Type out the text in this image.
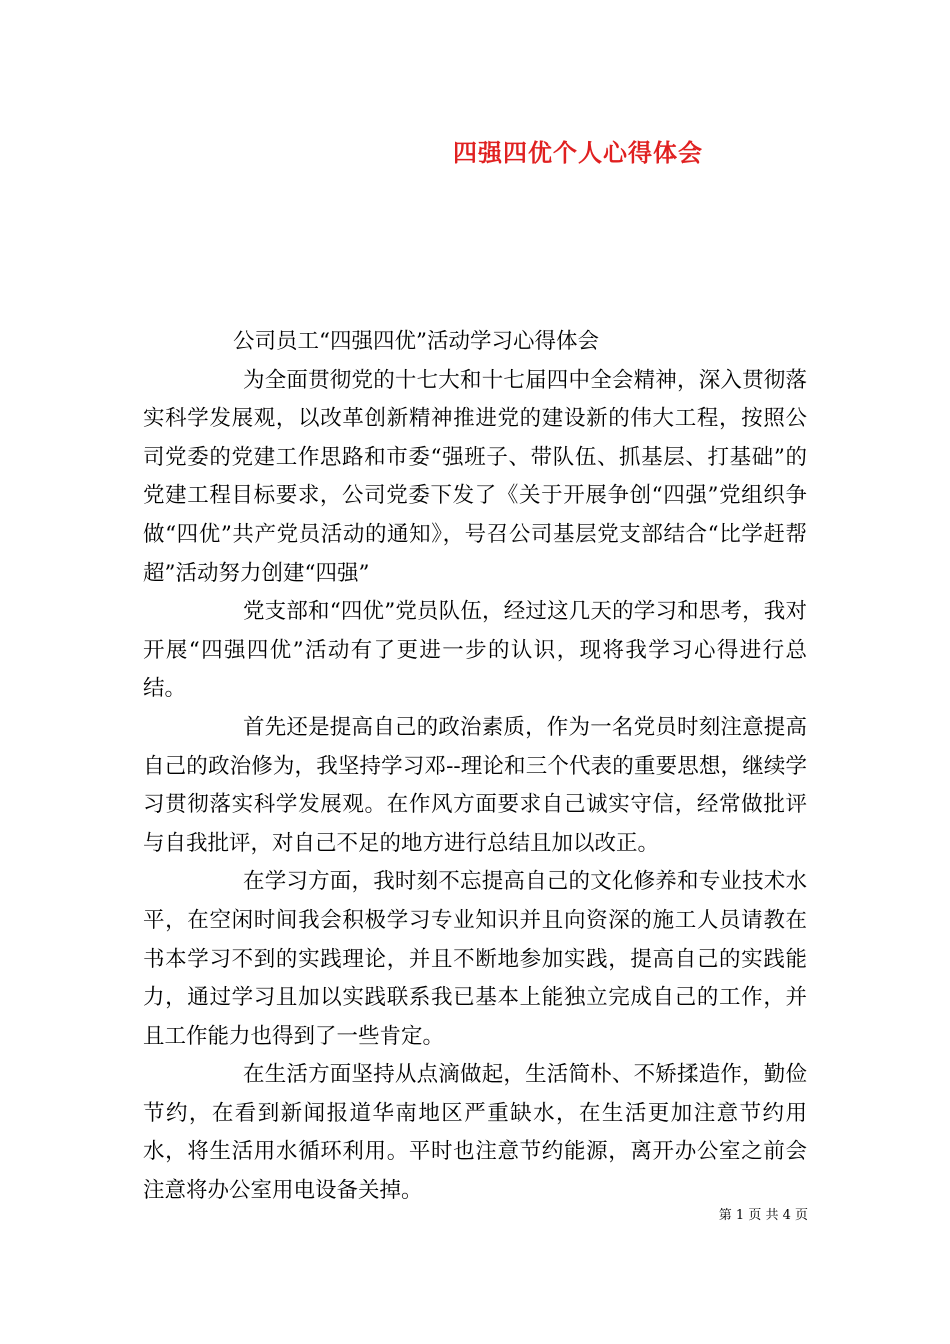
四强四优个人心得体会

公司员工“四强四优”活动学习心得体会

为全面贯彻党的十七大和十七届四中全会精神，深入贯彻落实科学发展观，以改革创新精神推进党的建设新的伟大工程，按照公司党委的党建工作思路和市委“强班子、带队伍、抓基层、打基础”的党建工程目标要求，公司党委下发了《关于开展争创“四强”党组织争做“四优”共产党员活动的通知》，号召公司基层党支部结合“比学赶帮超”活动努力创建“四强”

党支部和“四优”党员队伍，经过这几天的学习和思考，我对开展“四强四优”活动有了更进一步的认识，现将我学习心得进行总结。

首先还是提高自己的政治素质，作为一名党员时刻注意提高自己的政治修为，我坚持学习邓--理论和三个代表的重要思想，继续学习贯彻落实科学发展观。在作风方面要求自己诚实守信，经常做批评与自我批评，对自己不足的地方进行总结且加以改正。

在学习方面，我时刻不忘提高自己的文化修养和专业技术水平，在空闲时间我会积极学习专业知识并且向资深的施工人员请教在书本学习不到的实践理论，并且不断地参加实践，提高自己的实践能力，通过学习且加以实践联系我已基本上能独立完成自己的工作，并且工作能力也得到了一些肯定。

在生活方面坚持从点滴做起，生活简朴、不矫揉造作，勤俭节约，在看到新闻报道华南地区严重缺水，在生活更加注意节约用水，将生活用水循环利用。平时也注意节约能源，离开办公室之前会注意将办公室用电设备关掉。

第 1 页 共 4 页
